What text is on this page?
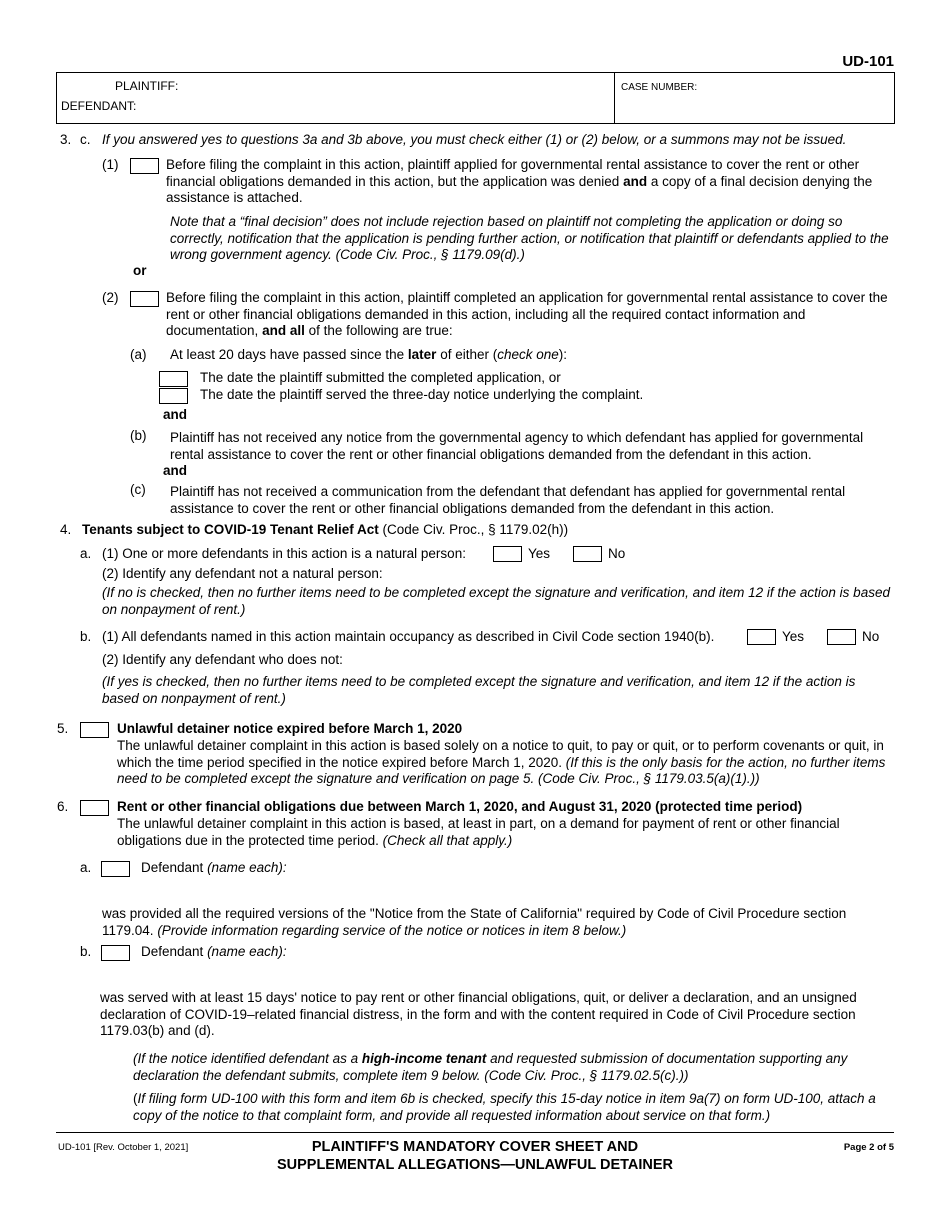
UD-101
PLAINTIFF:
DEFENDANT:
CASE NUMBER:
3. c. If you answered yes to questions 3a and 3b above, you must check either (1) or (2) below, or a summons may not be issued.
(1)	Before filing the complaint in this action, plaintiff applied for governmental rental assistance to cover the rent or other financial obligations demanded in this action, but the application was denied and a copy of a final decision denying the assistance is attached.
Note that a “final decision” does not include rejection based on plaintiff not completing the application or doing so correctly, notification that the application is pending further action, or notification that plaintiff or defendants applied to the wrong government agency. (Code Civ. Proc., § 1179.09(d).)
or
(2)	Before filing the complaint in this action, plaintiff completed an application for governmental rental assistance to cover the rent or other financial obligations demanded in this action, including all the required contact information and documentation, and all of the following are true:
(a) At least 20 days have passed since the later of either (check one):
The date the plaintiff submitted the completed application, or
The date the plaintiff served the three-day notice underlying the complaint.
and
(b) Plaintiff has not received any notice from the governmental agency to which defendant has applied for governmental rental assistance to cover the rent or other financial obligations demanded from the defendant in this action.
and
(c) Plaintiff has not received a communication from the defendant that defendant has applied for governmental rental assistance to cover the rent or other financial obligations demanded from the defendant in this action.
4. Tenants subject to COVID-19 Tenant Relief Act (Code Civ. Proc., § 1179.02(h))
a. (1) One or more defendants in this action is a natural person:	Yes	No
(2) Identify any defendant not a natural person:
(If no is checked, then no further items need to be completed except the signature and verification, and item 12 if the action is based on nonpayment of rent.)
b. (1) All defendants named in this action maintain occupancy as described in Civil Code section 1940(b).	Yes	No
(2) Identify any defendant who does not:
(If yes is checked, then no further items need to be completed except the signature and verification, and item 12 if the action is based on nonpayment of rent.)
5.	Unlawful detainer notice expired before March 1, 2020
The unlawful detainer complaint in this action is based solely on a notice to quit, to pay or quit, or to perform covenants or quit, in which the time period specified in the notice expired before March 1, 2020. (If this is the only basis for the action, no further items need to be completed except the signature and verification on page 5. (Code Civ. Proc., § 1179.03.5(a)(1).))
6.	Rent or other financial obligations due between March 1, 2020, and August 31, 2020 (protected time period)
The unlawful detainer complaint in this action is based, at least in part, on a demand for payment of rent or other financial obligations due in the protected time period. (Check all that apply.)
a.	Defendant (name each):
was provided all the required versions of the "Notice from the State of California" required by Code of Civil Procedure section 1179.04. (Provide information regarding service of the notice or notices in item 8 below.)
b.	Defendant (name each):
was served with at least 15 days' notice to pay rent or other financial obligations, quit, or deliver a declaration, and an unsigned declaration of COVID-19–related financial distress, in the form and with the content required in Code of Civil Procedure section 1179.03(b) and (d).
(If the notice identified defendant as a high-income tenant and requested submission of documentation supporting any declaration the defendant submits, complete item 9 below. (Code Civ. Proc., § 1179.02.5(c).))
(If filing form UD-100 with this form and item 6b is checked, specify this 15-day notice in item 9a(7) on form UD-100, attach a copy of the notice to that complaint form, and provide all requested information about service on that form.)
UD-101 [Rev. October 1, 2021]	PLAINTIFF'S MANDATORY COVER SHEET AND
SUPPLEMENTAL ALLEGATIONS—UNLAWFUL DETAINER
Page 2 of 5
